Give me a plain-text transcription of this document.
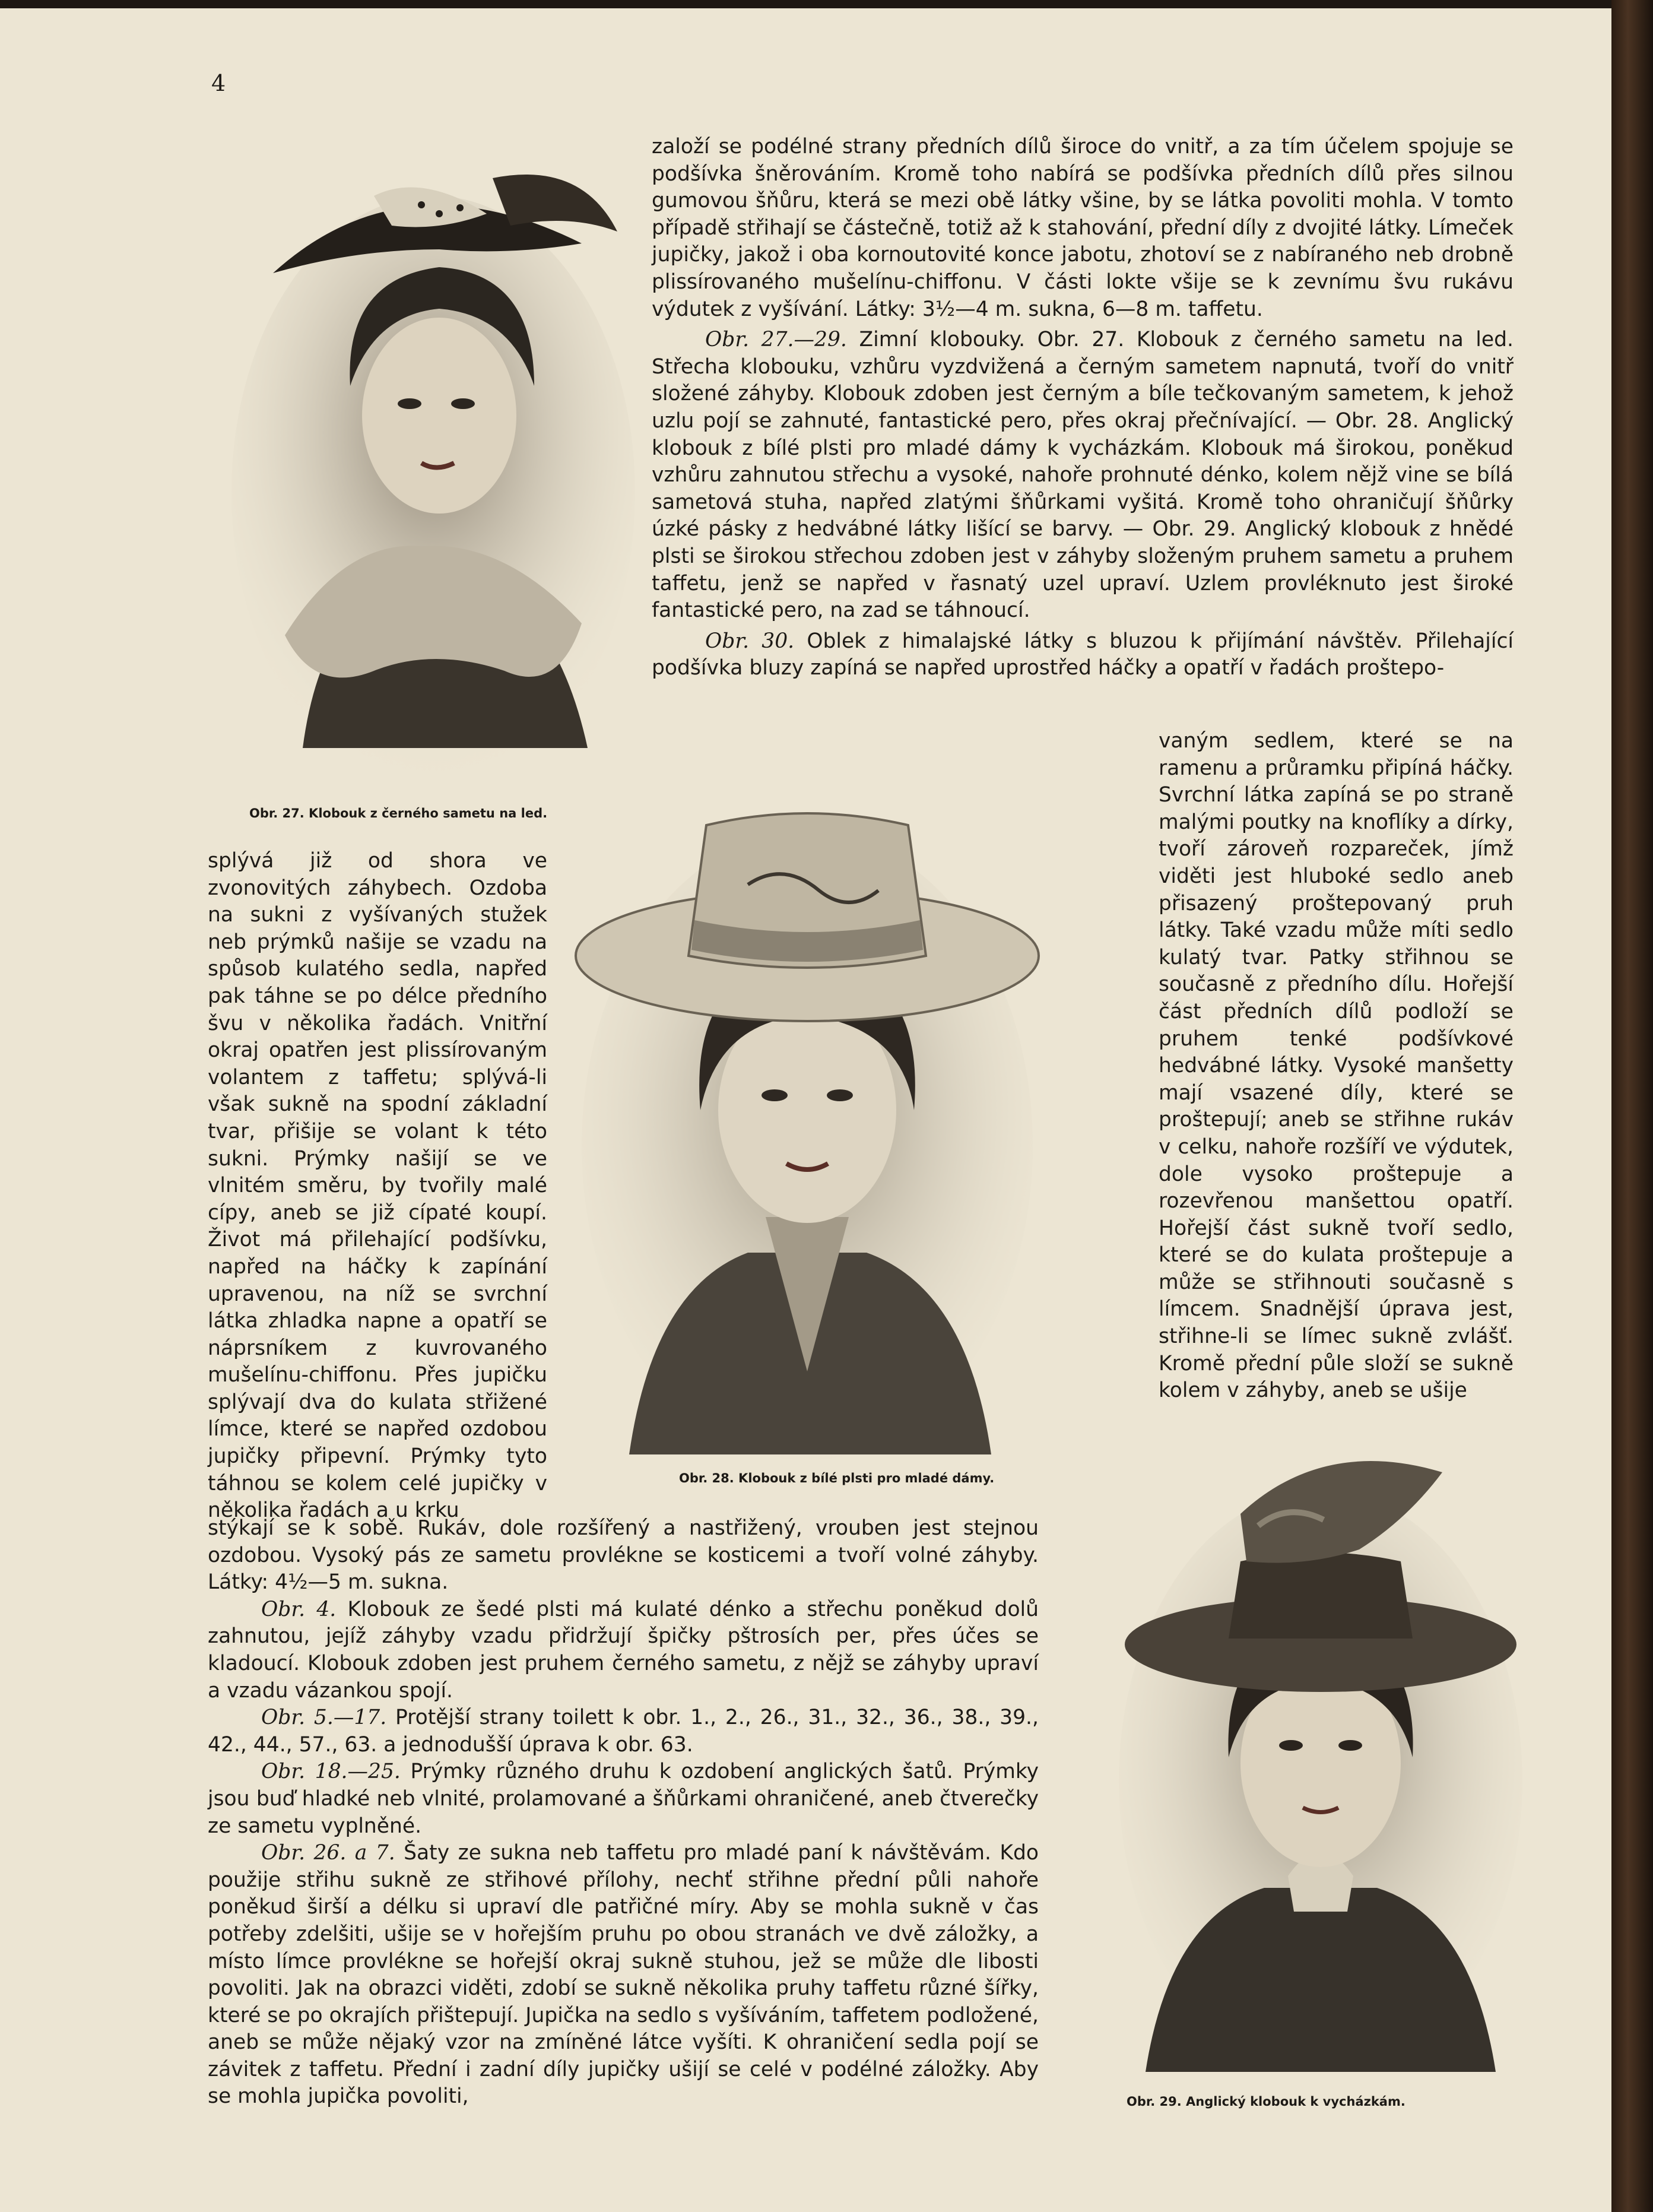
4
Obr. 27. Klobouk z černého sametu na led.
Obr. 28. Klobouk z bílé plsti pro mladé dámy.
Obr. 29. Anglický klobouk k vycházkám.

založí se podélné strany předních dílů široce do vnitř, a za tím účelem spojuje se podšívka šněrováním. Kromě toho nabírá se podšívka předních dílů přes silnou gumovou šňůru, která se mezi obě látky všine, by se látka povoliti mohla. V tomto případě střihají se částečně, totiž až k stahování, přední díly z dvojité látky. Límeček jupičky, jakož i oba kornoutovité konce jabotu, zhotoví se z nabíraného neb drobně plissírovaného mušelínu-chiffonu. V části lokte všije se k zevnímu švu rukávu výdutek z vyšívání. Látky: 3½—4 m. sukna, 6—8 m. taffetu.

Obr. 27.—29. Zimní klobouky. Obr. 27. Klobouk z černého sametu na led. Střecha klobouku, vzhůru vyzdvižená a černým sametem napnutá, tvoří do vnitř složené záhyby. Klobouk zdoben jest černým a bíle tečkovaným sametem, k jehož uzlu pojí se zahnuté, fantastické pero, přes okraj přečnívající. — Obr. 28. Anglický klobouk z bílé plsti pro mladé dámy k vycházkám. Klobouk má širokou, poněkud vzhůru zahnutou střechu a vysoké, nahoře prohnuté dénko, kolem nějž vine se bílá sametová stuha, napřed zlatými šňůrkami vyšitá. Kromě toho ohraničují šňůrky úzké pásky z hedvábné látky lišící se barvy. — Obr. 29. Anglický klobouk z hnědé plsti se širokou střechou zdoben jest v záhyby složeným pruhem sametu a pruhem taffetu, jenž se napřed v řasnatý uzel upraví. Uzlem provléknuto jest široké fantastické pero, na zad se táhnoucí.

Obr. 30. Oblek z himalajské látky s bluzou k přijímání návštěv. Přilehající podšívka bluzy zapíná se napřed uprostřed háčky a opatří v řadách proštepo-

vaným sedlem, které se na ramenu a průramku připíná háčky. Svrchní látka zapíná se po straně malými poutky na knoflíky a dírky, tvoří zároveň rozpareček, jímž viděti jest hluboké sedlo aneb přisazený proštepovaný pruh látky. Také vzadu může míti sedlo kulatý tvar. Patky střihnou se současně z předního dílu. Hořejší část předních dílů podloží se pruhem tenké podšívkové hedvábné látky. Vysoké manšetty mají vsazené díly, které se proštepují; aneb se střihne rukáv v celku, nahoře rozšíří ve výdutek, dole vysoko proštepuje a rozevřenou manšettou opatří. Hořejší část sukně tvoří sedlo, které se do kulata proštepuje a může se střihnouti současně s límcem. Snadnější úprava jest, střihne-li se límec sukně zvlášť. Kromě přední půle složí se sukně kolem v záhyby, aneb se ušije

splývá již od shora ve zvonovitých záhybech. Ozdoba na sukni z vyšívaných stužek neb prýmků našije se vzadu na spůsob kulatého sedla, napřed pak táhne se po délce předního švu v několika řadách. Vnitřní okraj opatřen jest plissírovaným volantem z taffetu; splývá-li však sukně na spodní základní tvar, přišije se volant k této sukni. Prýmky našijí se ve vlnitém směru, by tvořily malé cípy, aneb se již cípaté koupí. Život má přilehající podšívku, napřed na háčky k zapínání upravenou, na níž se svrchní látka zhladka napne a opatří se náprsníkem z kuvrovaného mušelínu-chiffonu. Přes jupičku splývají dva do kulata střižené límce, které se napřed ozdobou jupičky připevní. Prýmky tyto táhnou se kolem celé jupičky v několika řadách a u krku

stýkají se k sobě. Rukáv, dole rozšířený a nastřižený, vrouben jest stejnou ozdobou. Vysoký pás ze sametu provlékne se kosticemi a tvoří volné záhyby. Látky: 4½—5 m. sukna.

Obr. 4. Klobouk ze šedé plsti má kulaté dénko a střechu poněkud dolů zahnutou, jejíž záhyby vzadu přidržují špičky pštrosích per, přes účes se kladoucí. Klobouk zdoben jest pruhem černého sametu, z nějž se záhyby upraví a vzadu vázankou spojí.

Obr. 5.—17. Protější strany toilett k obr. 1., 2., 26., 31., 32., 36., 38., 39., 42., 44., 57., 63. a jednodušší úprava k obr. 63.

Obr. 18.—25. Prýmky různého druhu k ozdobení anglických šatů. Prýmky jsou buď hladké neb vlnité, prolamované a šňůrkami ohraničené, aneb čtverečky ze sametu vyplněné.

Obr. 26. a 7. Šaty ze sukna neb taffetu pro mladé paní k návštěvám. Kdo použije střihu sukně ze střihové přílohy, nechť střihne přední půli nahoře poněkud širší a délku si upraví dle patřičné míry. Aby se mohla sukně v čas potřeby zdelšiti, ušije se v hořejším pruhu po obou stranách ve dvě záložky, a místo límce provlékne se hořejší okraj sukně stuhou, jež se může dle libosti povoliti. Jak na obrazci viděti, zdobí se sukně několika pruhy taffetu různé šířky, které se po okrajích přištepují. Jupička na sedlo s vyšíváním, taffetem podložené, aneb se může nějaký vzor na zmíněné látce vyšíti. K ohraničení sedla pojí se závitek z taffetu. Přední i zadní díly jupičky ušijí se celé v podélné záložky. Aby se mohla jupička povoliti,
